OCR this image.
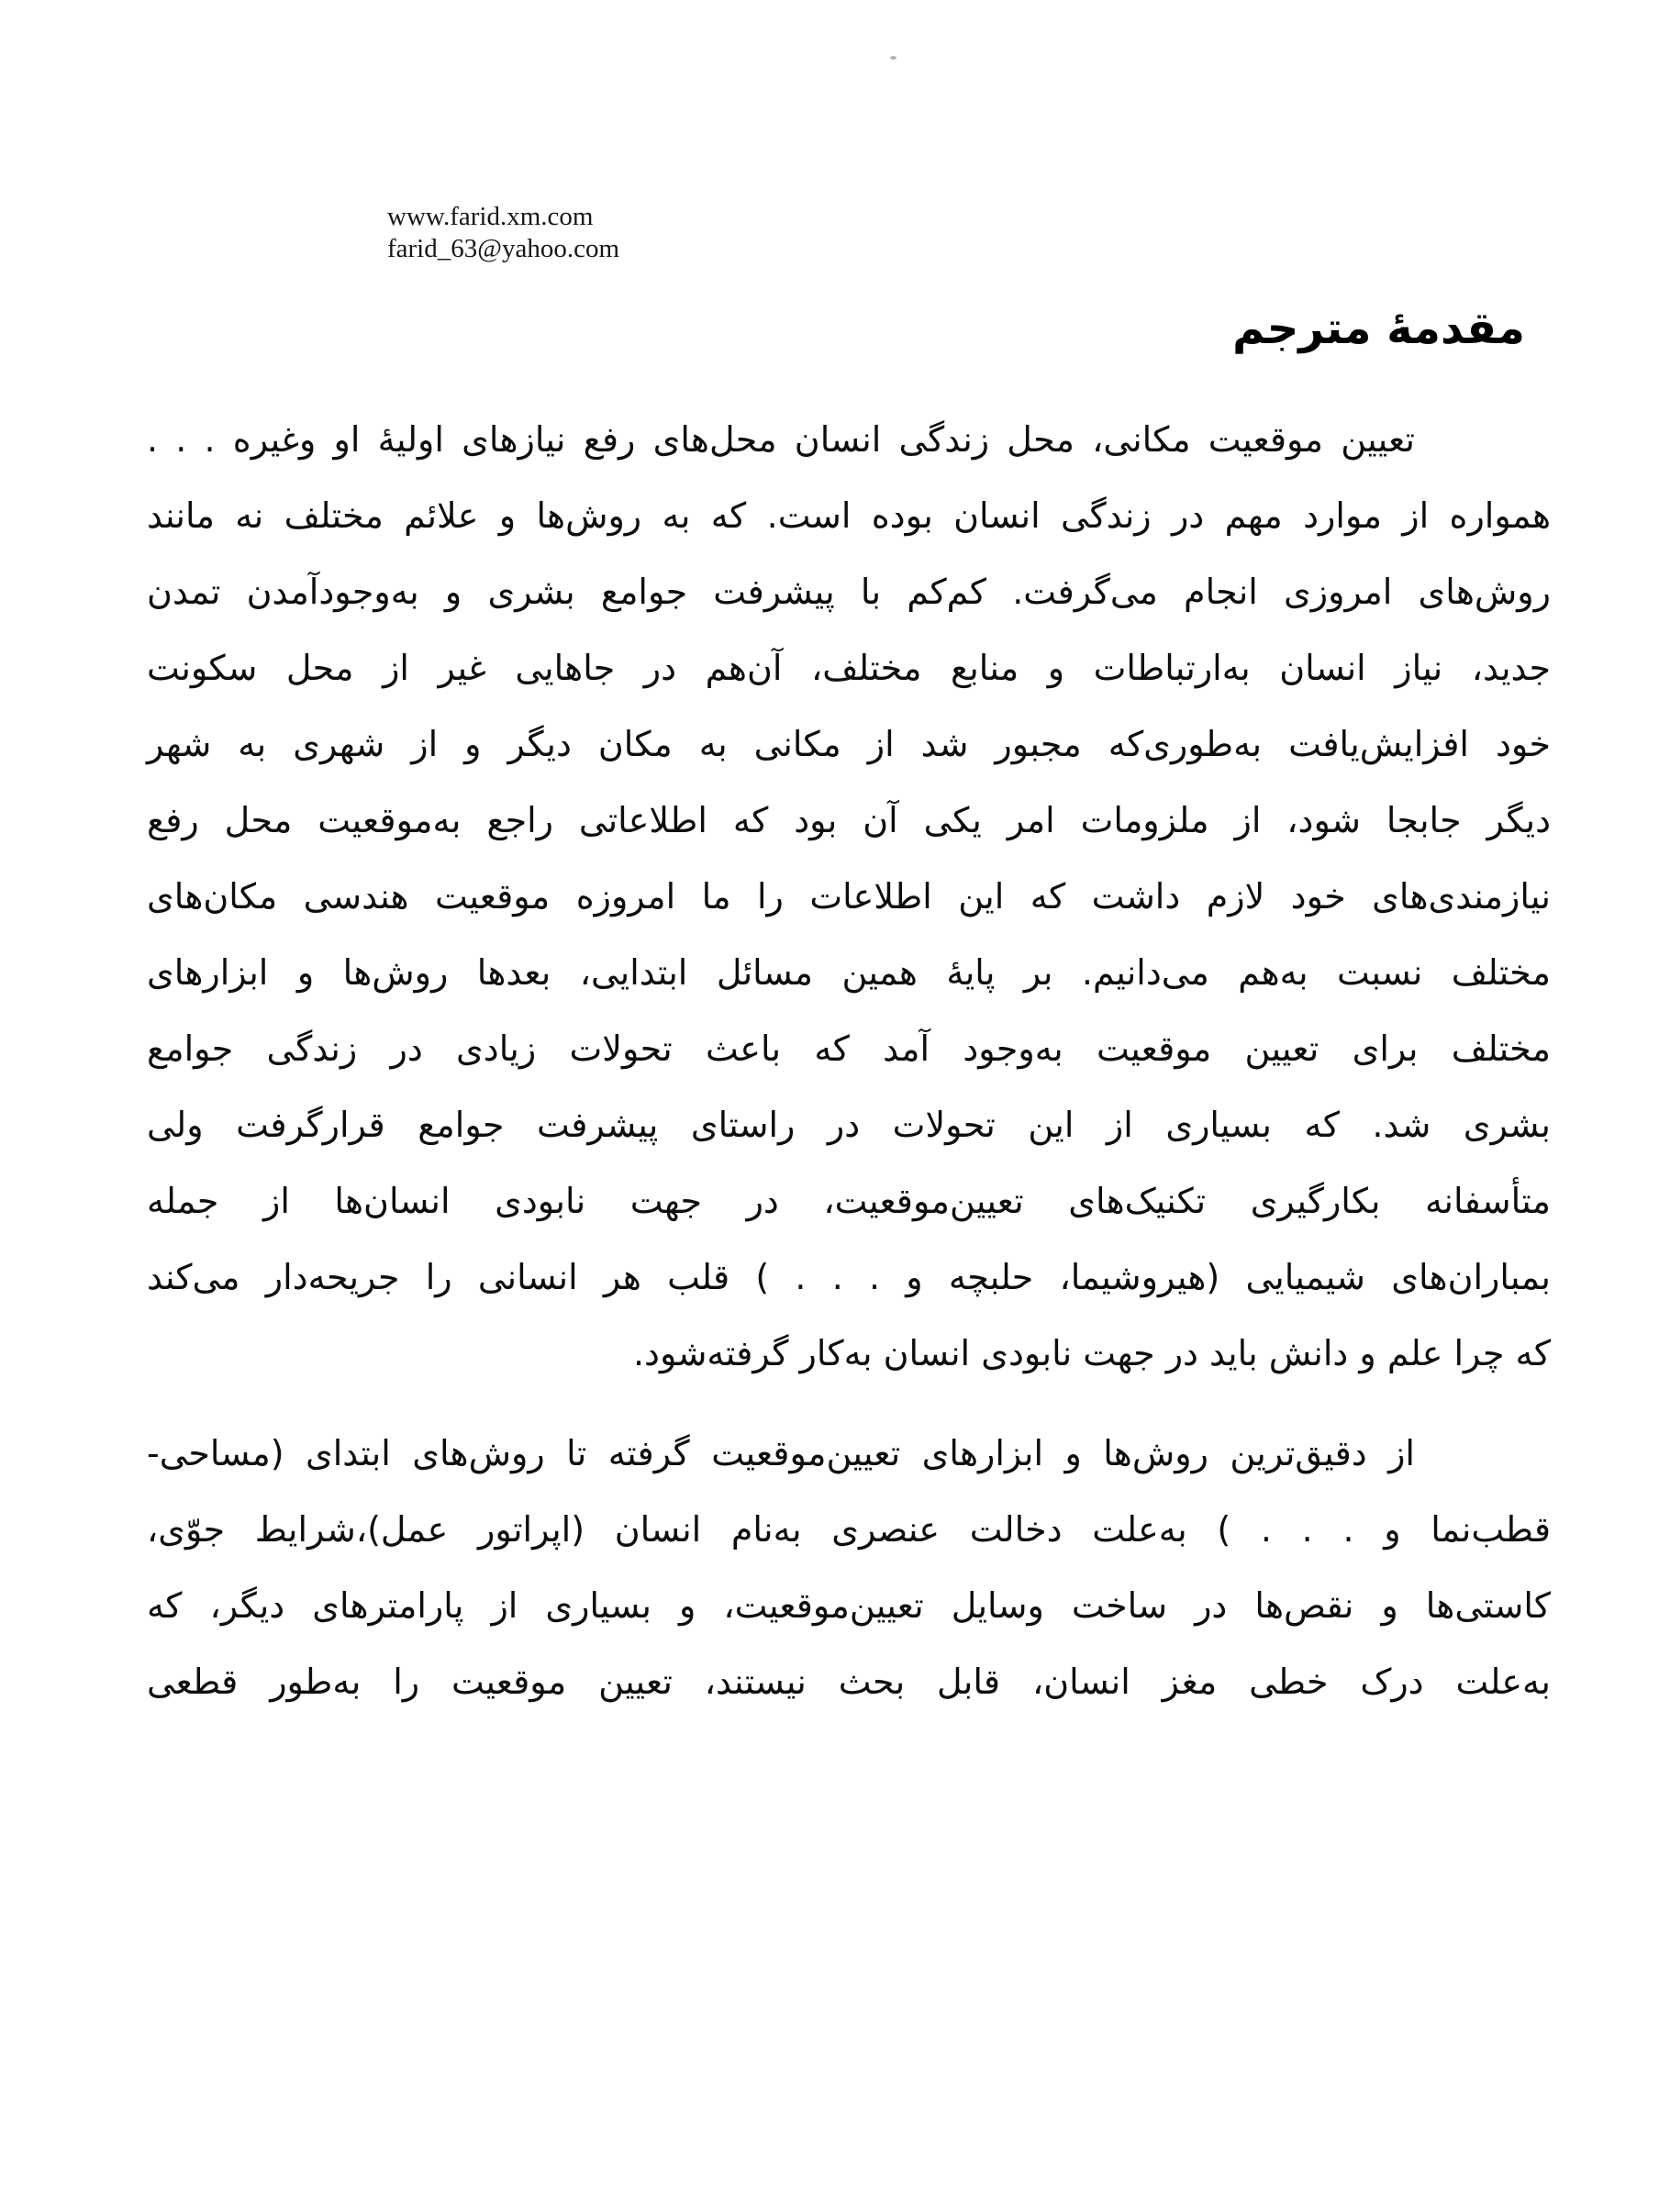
www.farid.xm.com
farid_63@yahoo.com
مقدمۀ مترجم
تعیین موقعیت مکانی، محل زندگی انسان محل‌های رفع نیازهای اولیۀ او وغیره . . .
همواره از موارد مهم در زندگی انسان بوده است. که به روش‌ها و علائم مختلف نه مانند
روش‌های امروزی انجام می‌گرفت. کم‌کم با پیشرفت جوامع بشری و به‌وجودآمدن تمدن
جدید، نیاز انسان به‌ارتباطات و منابع مختلف، آن‌هم در جاهایی غیر از محل سکونت
خود افزایش‌یافت به‌طوری‌که مجبور شد از مکانی به مکان دیگر و از شهری به شهر
دیگر جابجا شود، از ملزومات امر یکی آن بود که اطلاعاتی راجع به‌موقعیت محل رفع
نیازمندی‌های خود لازم داشت که این اطلاعات را ما امروزه موقعیت هندسی مکان‌های
مختلف نسبت به‌هم می‌دانیم. بر پایۀ همین مسائل ابتدایی، بعدها روش‌ها و ابزارهای
مختلف برای تعیین موقعیت به‌وجود آمد که باعث تحولات زیادی در زندگی جوامع
بشری شد. که بسیاری از این تحولات در راستای پیشرفت جوامع قرارگرفت ولی
متأسفانه بکارگیری تکنیک‌های تعیین‌موقعیت، در جهت نابودی انسان‌ها از جمله
بمباران‌های شیمیایی (هیروشیما، حلبچه و . . . ) قلب هر انسانی را جریحه‌دار می‌کند
که چرا علم و دانش باید در جهت نابودی انسان به‌کار گرفته‌شود.
از دقیق‌ترین روش‌ها و ابزارهای تعیین‌موقعیت گرفته تا روش‌های ابتدای (مساحی-
قطب‌نما و . . . ) به‌علت دخالت عنصری به‌نام انسان (اپراتور عمل)،شرایط جوّی،
کاستی‌ها و نقص‌ها در ساخت وسایل تعیین‌موقعیت، و بسیاری از پارامترهای دیگر، که
به‌علت درک خطی مغز انسان، قابل بحث نیستند، تعیین موقعیت را به‌طور قطعی
